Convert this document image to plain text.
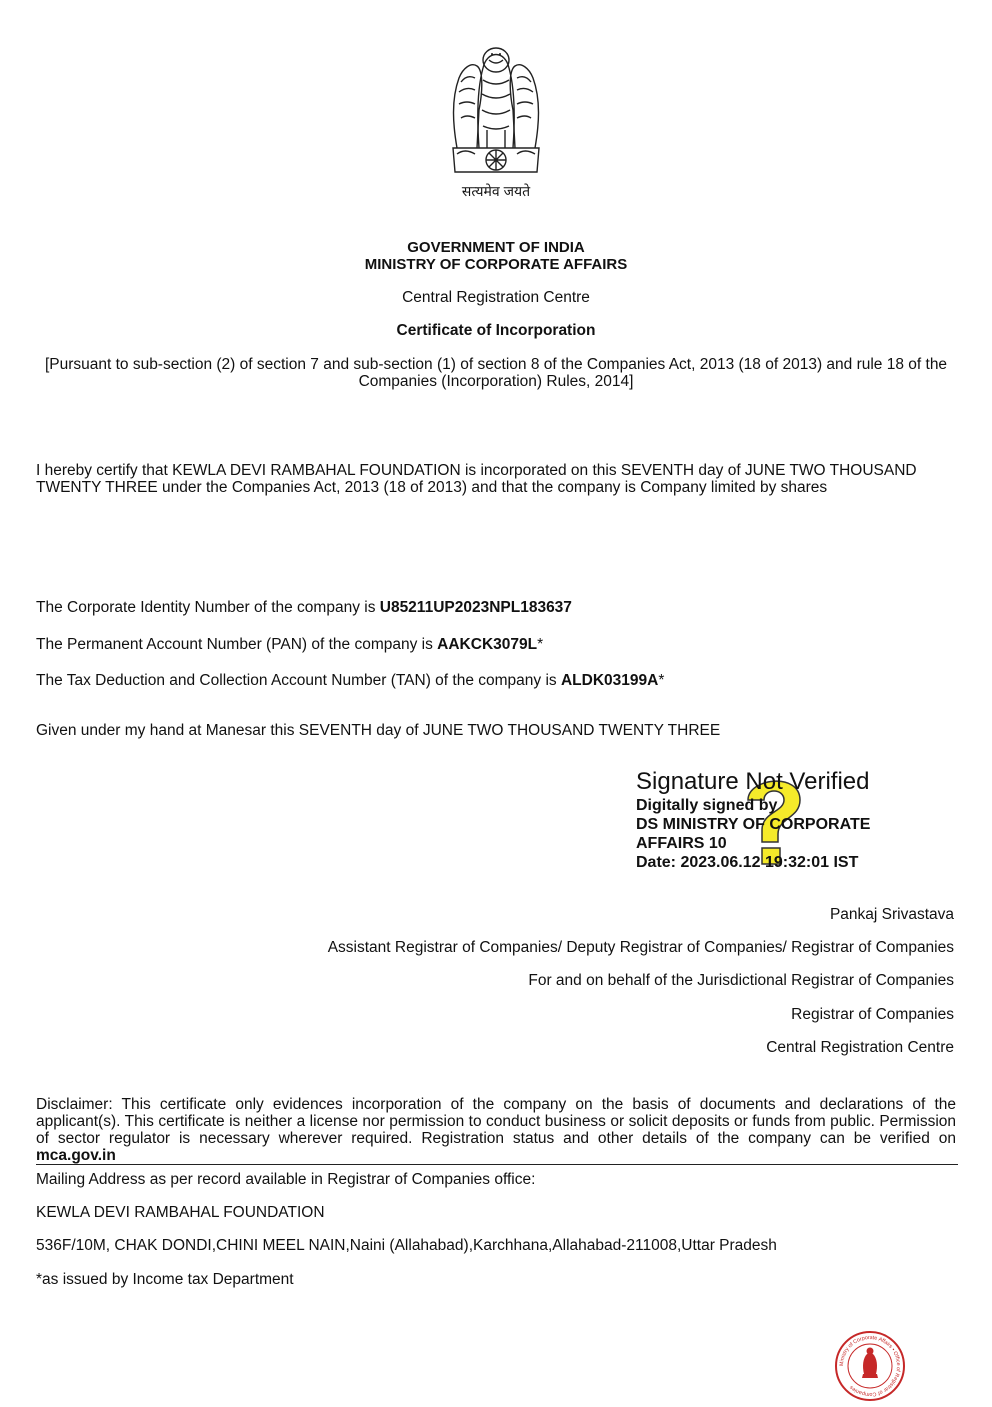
सत्यमेव जयते
GOVERNMENT OF INDIA
MINISTRY OF CORPORATE AFFAIRS
Central Registration Centre
Certificate of Incorporation
[Pursuant to sub-section (2) of section 7 and sub-section (1) of section 8 of the Companies Act, 2013 (18 of 2013) and rule 18 of the Companies (Incorporation) Rules, 2014]
I hereby certify that KEWLA DEVI RAMBAHAL FOUNDATION is incorporated on this SEVENTH day of JUNE TWO THOUSAND TWENTY THREE under the Companies Act, 2013 (18 of 2013) and that the company is Company limited by shares
The Corporate Identity Number of the company is U85211UP2023NPL183637
The Permanent Account Number (PAN) of the company is AAKCK3079L*
The Tax Deduction and Collection Account Number (TAN) of the company is ALDK03199A*
Given under my hand at Manesar this SEVENTH day of JUNE TWO THOUSAND TWENTY THREE
Signature Not Verified
Digitally signed by
DS MINISTRY OF CORPORATE
AFFAIRS 10
Date: 2023.06.12 19:32:01 IST
Pankaj Srivastava
Assistant Registrar of Companies/ Deputy Registrar of Companies/ Registrar of Companies
For and on behalf of the Jurisdictional Registrar of Companies
Registrar of Companies
Central Registration Centre
Disclaimer: This certificate only evidences incorporation of the company on the basis of documents and declarations of the applicant(s). This certificate is neither a license nor permission to conduct business or solicit deposits or funds from public. Permission of sector regulator is necessary wherever required. Registration status and other details of the company can be verified on mca.gov.in
Mailing Address as per record available in Registrar of Companies office:
KEWLA DEVI RAMBAHAL FOUNDATION
536F/10M, CHAK DONDI,CHINI MEEL NAIN,Naini (Allahabad),Karchhana,Allahabad-211008,Uttar Pradesh
*as issued by Income tax Department
Ministry of Corporate Affairs • Office of Registrar of Companies
